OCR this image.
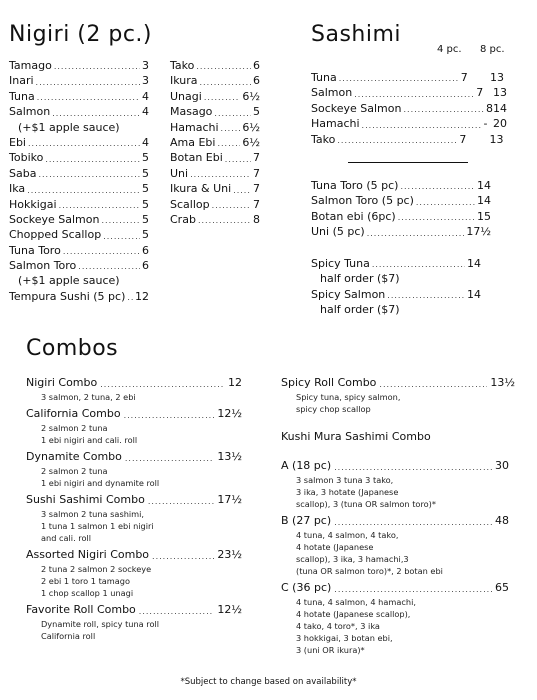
Nigiri (2 pc.)
Tamago .....	3
Inari .....	3
Tuna .....	4
Salmon .....	4
(+$1 apple sauce)
Ebi .....	4
Tobiko .....	5
Saba .....	5
Ika .....	5
Hokkigai .....	5
Sockeye Salmon .....	5
Chopped Scallop .....	5
Tuna Toro .....	6
Salmon Toro .....	6
(+$1 apple sauce)
Tempura Sushi (5 pc) ..... 12
Tako .....	6
Ikura .....	6
Unagi .....	6½
Masago .....	5
Hamachi ..... 6½
Ama Ebi ..... 6½
Botan Ebi .....	7
Uni .....	7
Ikura & Uni ..... 7
Scallop .....	7
Crab .....	8
Sashimi
4 pc. 8 pc.
Tuna .....	7	13
Salmon .....	7 13
Sockeye Salmon .....	8 14
Hamachi .....	- 20
Tako .....	7	13
Tuna Toro (5 pc) .....	14
Salmon Toro (5 pc) .....	14
Botan ebi (6pc) .....	15
Uni (5 pc) .....	17½
Spicy Tuna .....	14
half order ($7)
Spicy Salmon .....	14
half order ($7)
Combos
Nigiri Combo .....	12
3 salmon, 2 tuna, 2 ebi
California Combo .....	12½
2 salmon 2 tuna
1 ebi nigiri and cali. roll
Dynamite Combo .....	13½
2 salmon 2 tuna
1 ebi nigiri and dynamite roll
Sushi Sashimi Combo .....	17½
3 salmon 2 tuna sashimi,
1 tuna 1 salmon 1 ebi nigiri
and cali. roll
Assorted Nigiri Combo .....	23½
2 tuna 2 salmon 2 sockeye
2 ebi 1 toro 1 tamago
1 chop scallop 1 unagi
Favorite Roll Combo .....	12½
Dynamite roll, spicy tuna roll
California roll
Spicy Roll Combo .....	13½
Spicy tuna, spicy salmon,
spicy chop scallop
Kushi Mura Sashimi Combo
A (18 pc) .....	30
3 salmon 3 tuna 3 tako,
3 ika, 3 hotate (Japanese
scallop), 3 (tuna OR salmon toro)*
B (27 pc) .....	48
4 tuna, 4 salmon, 4 tako,
4 hotate (Japanese
scallop), 3 ika, 3 hamachi,3
(tuna OR salmon toro)*, 2 botan ebi
C (36 pc) .....	65
4 tuna, 4 salmon, 4 hamachi,
4 hotate (Japanese scallop),
4 tako, 4 toro*, 3 ika
3 hokkigai, 3 botan ebi,
3 (uni OR ikura)*
*Subject to change based on availability*
